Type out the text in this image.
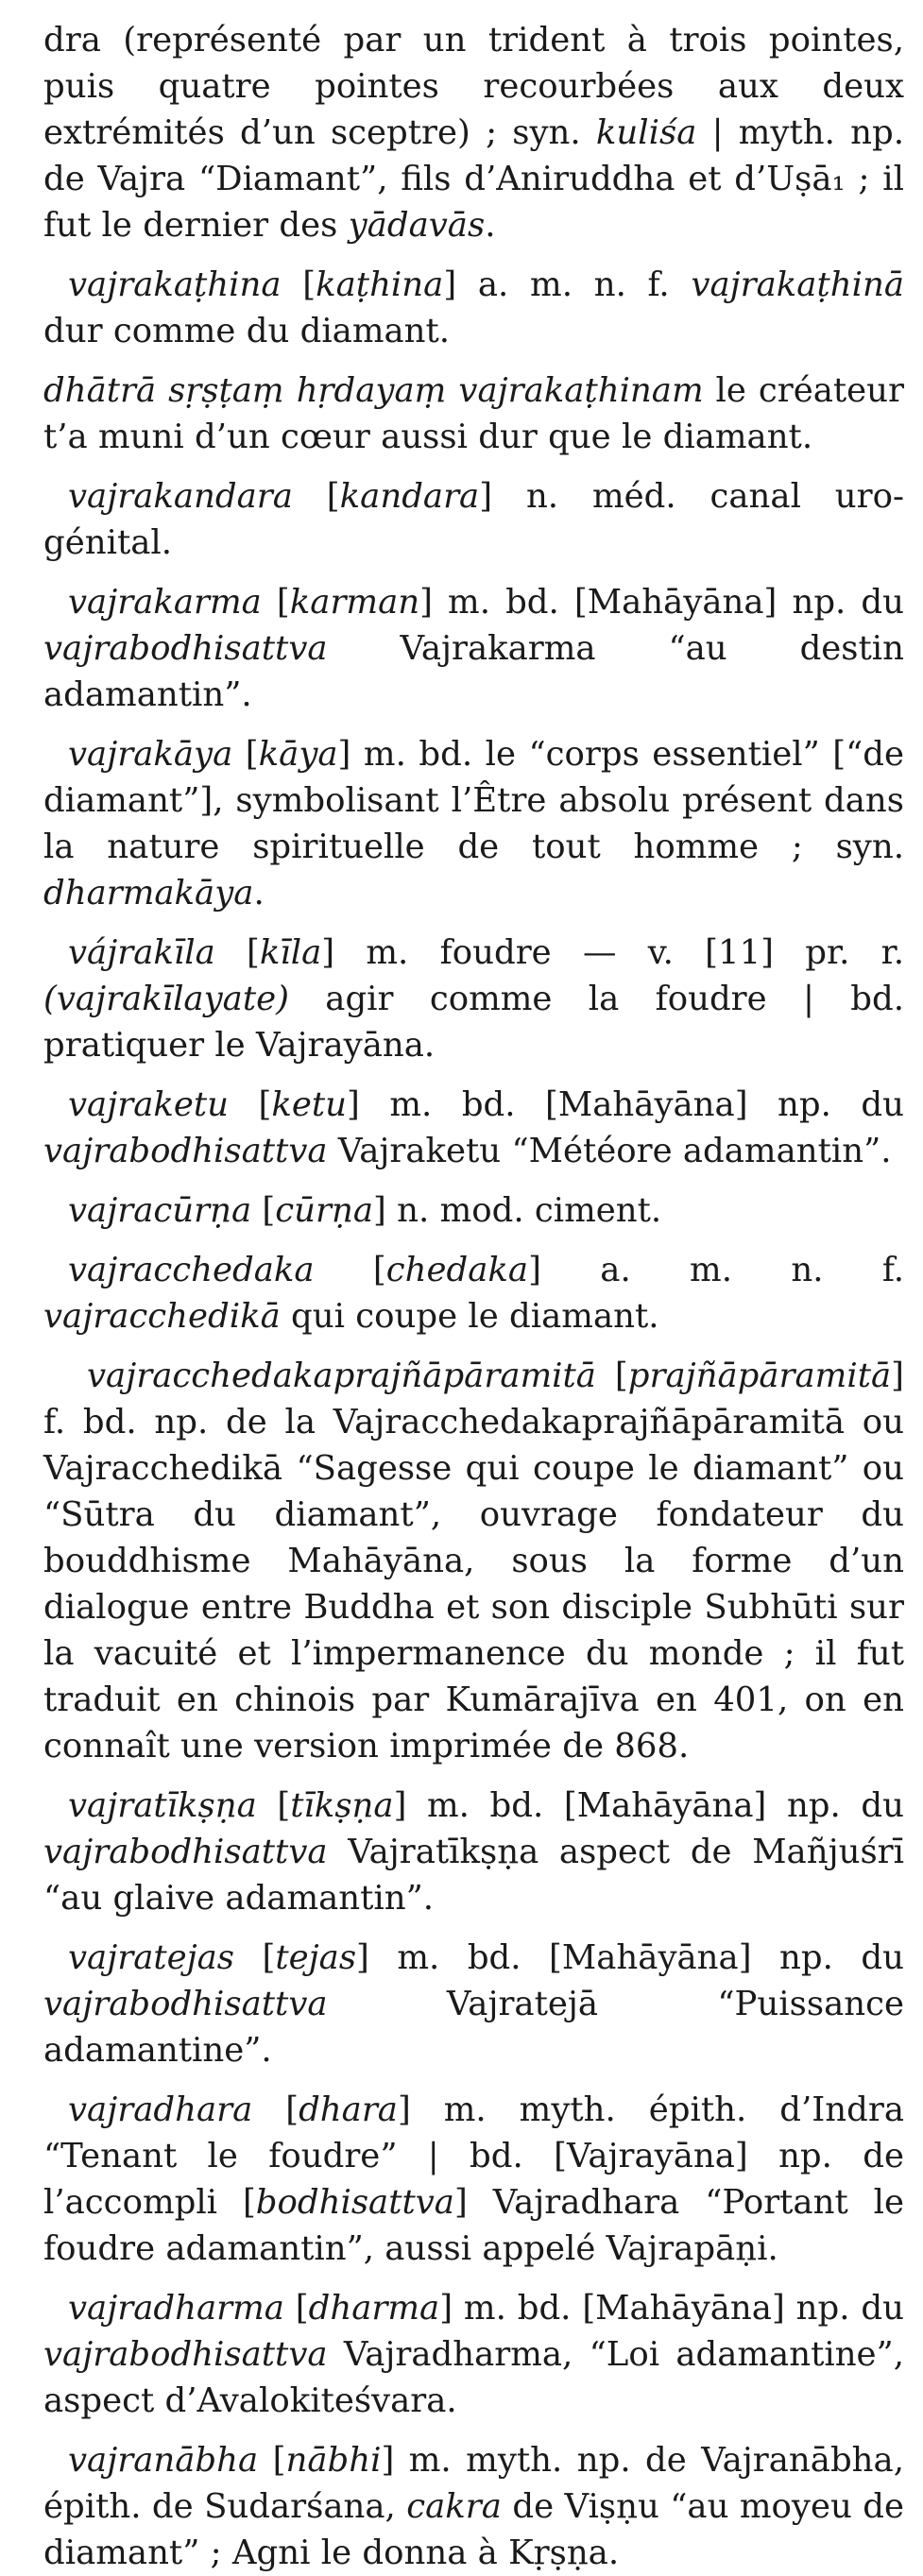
dra (représenté par un trident à trois pointes, puis quatre pointes recourbées aux deux extrémités d’un sceptre) ; syn. kuliśa | myth. np. de Vajra “Diamant”, fils d’Aniruddha et d’Uṣā₁ ; il fut le dernier des yādavās.

vajrakaṭhina [kaṭhina] a. m. n. f. vajrakaṭhinā dur comme du diamant.

dhātrā sṛṣṭaṃ hṛdayaṃ vajrakaṭhinam le créateur t’a muni d’un cœur aussi dur que le diamant.

vajrakandara [kandara] n. méd. canal uro-génital.

vajrakarma [karman] m. bd. [Mahāyāna] np. du vajrabodhisattva Vajrakarma “au destin adamantin”.

vajrakāya [kāya] m. bd. le “corps essentiel” [“de diamant”], symbolisant l’Être absolu présent dans la nature spirituelle de tout homme ; syn. dharmakāya.

vájrakīla [kīla] m. foudre — v. [11] pr. r. (vajrakīlayate) agir comme la foudre | bd. pratiquer le Vajrayāna.

vajraketu [ketu] m. bd. [Mahāyāna] np. du vajrabodhisattva Vajraketu “Météore adamantin”.

vajracūrṇa [cūrṇa] n. mod. ciment.

vajracchedaka [chedaka] a. m. n. f. vajracchedikā qui coupe le diamant.

vajracchedakaprajñāpāramitā [prajñāpāramitā] f. bd. np. de la Vajracchedakaprajñāpāramitā ou Vajracchedikā “Sagesse qui coupe le diamant” ou “Sūtra du diamant”, ouvrage fondateur du bouddhisme Mahāyāna, sous la forme d’un dialogue entre Buddha et son disciple Subhūti sur la vacuité et l’impermanence du monde ; il fut traduit en chinois par Kumārajīva en 401, on en connaît une version imprimée de 868.

vajratīkṣṇa [tīkṣṇa] m. bd. [Mahāyāna] np. du vajrabodhisattva Vajratīkṣṇa aspect de Mañjuśrī “au glaive adamantin”.

vajratejas [tejas] m. bd. [Mahāyāna] np. du vajrabodhisattva Vajratejā “Puissance adamantine”.

vajradhara [dhara] m. myth. épith. d’Indra “Tenant le foudre” | bd. [Vajrayāna] np. de l’accompli [bodhisattva] Vajradhara “Portant le foudre adamantin”, aussi appelé Vajrapāṇi.

vajradharma [dharma] m. bd. [Mahāyāna] np. du vajrabodhisattva Vajradharma, “Loi adamantine”, aspect d’Avalokiteśvara.

vajranābha [nābhi] m. myth. np. de Vajranābha, épith. de Sudarśana, cakra de Viṣṇu “au moyeu de diamant” ; Agni le donna à Kṛṣṇa.
